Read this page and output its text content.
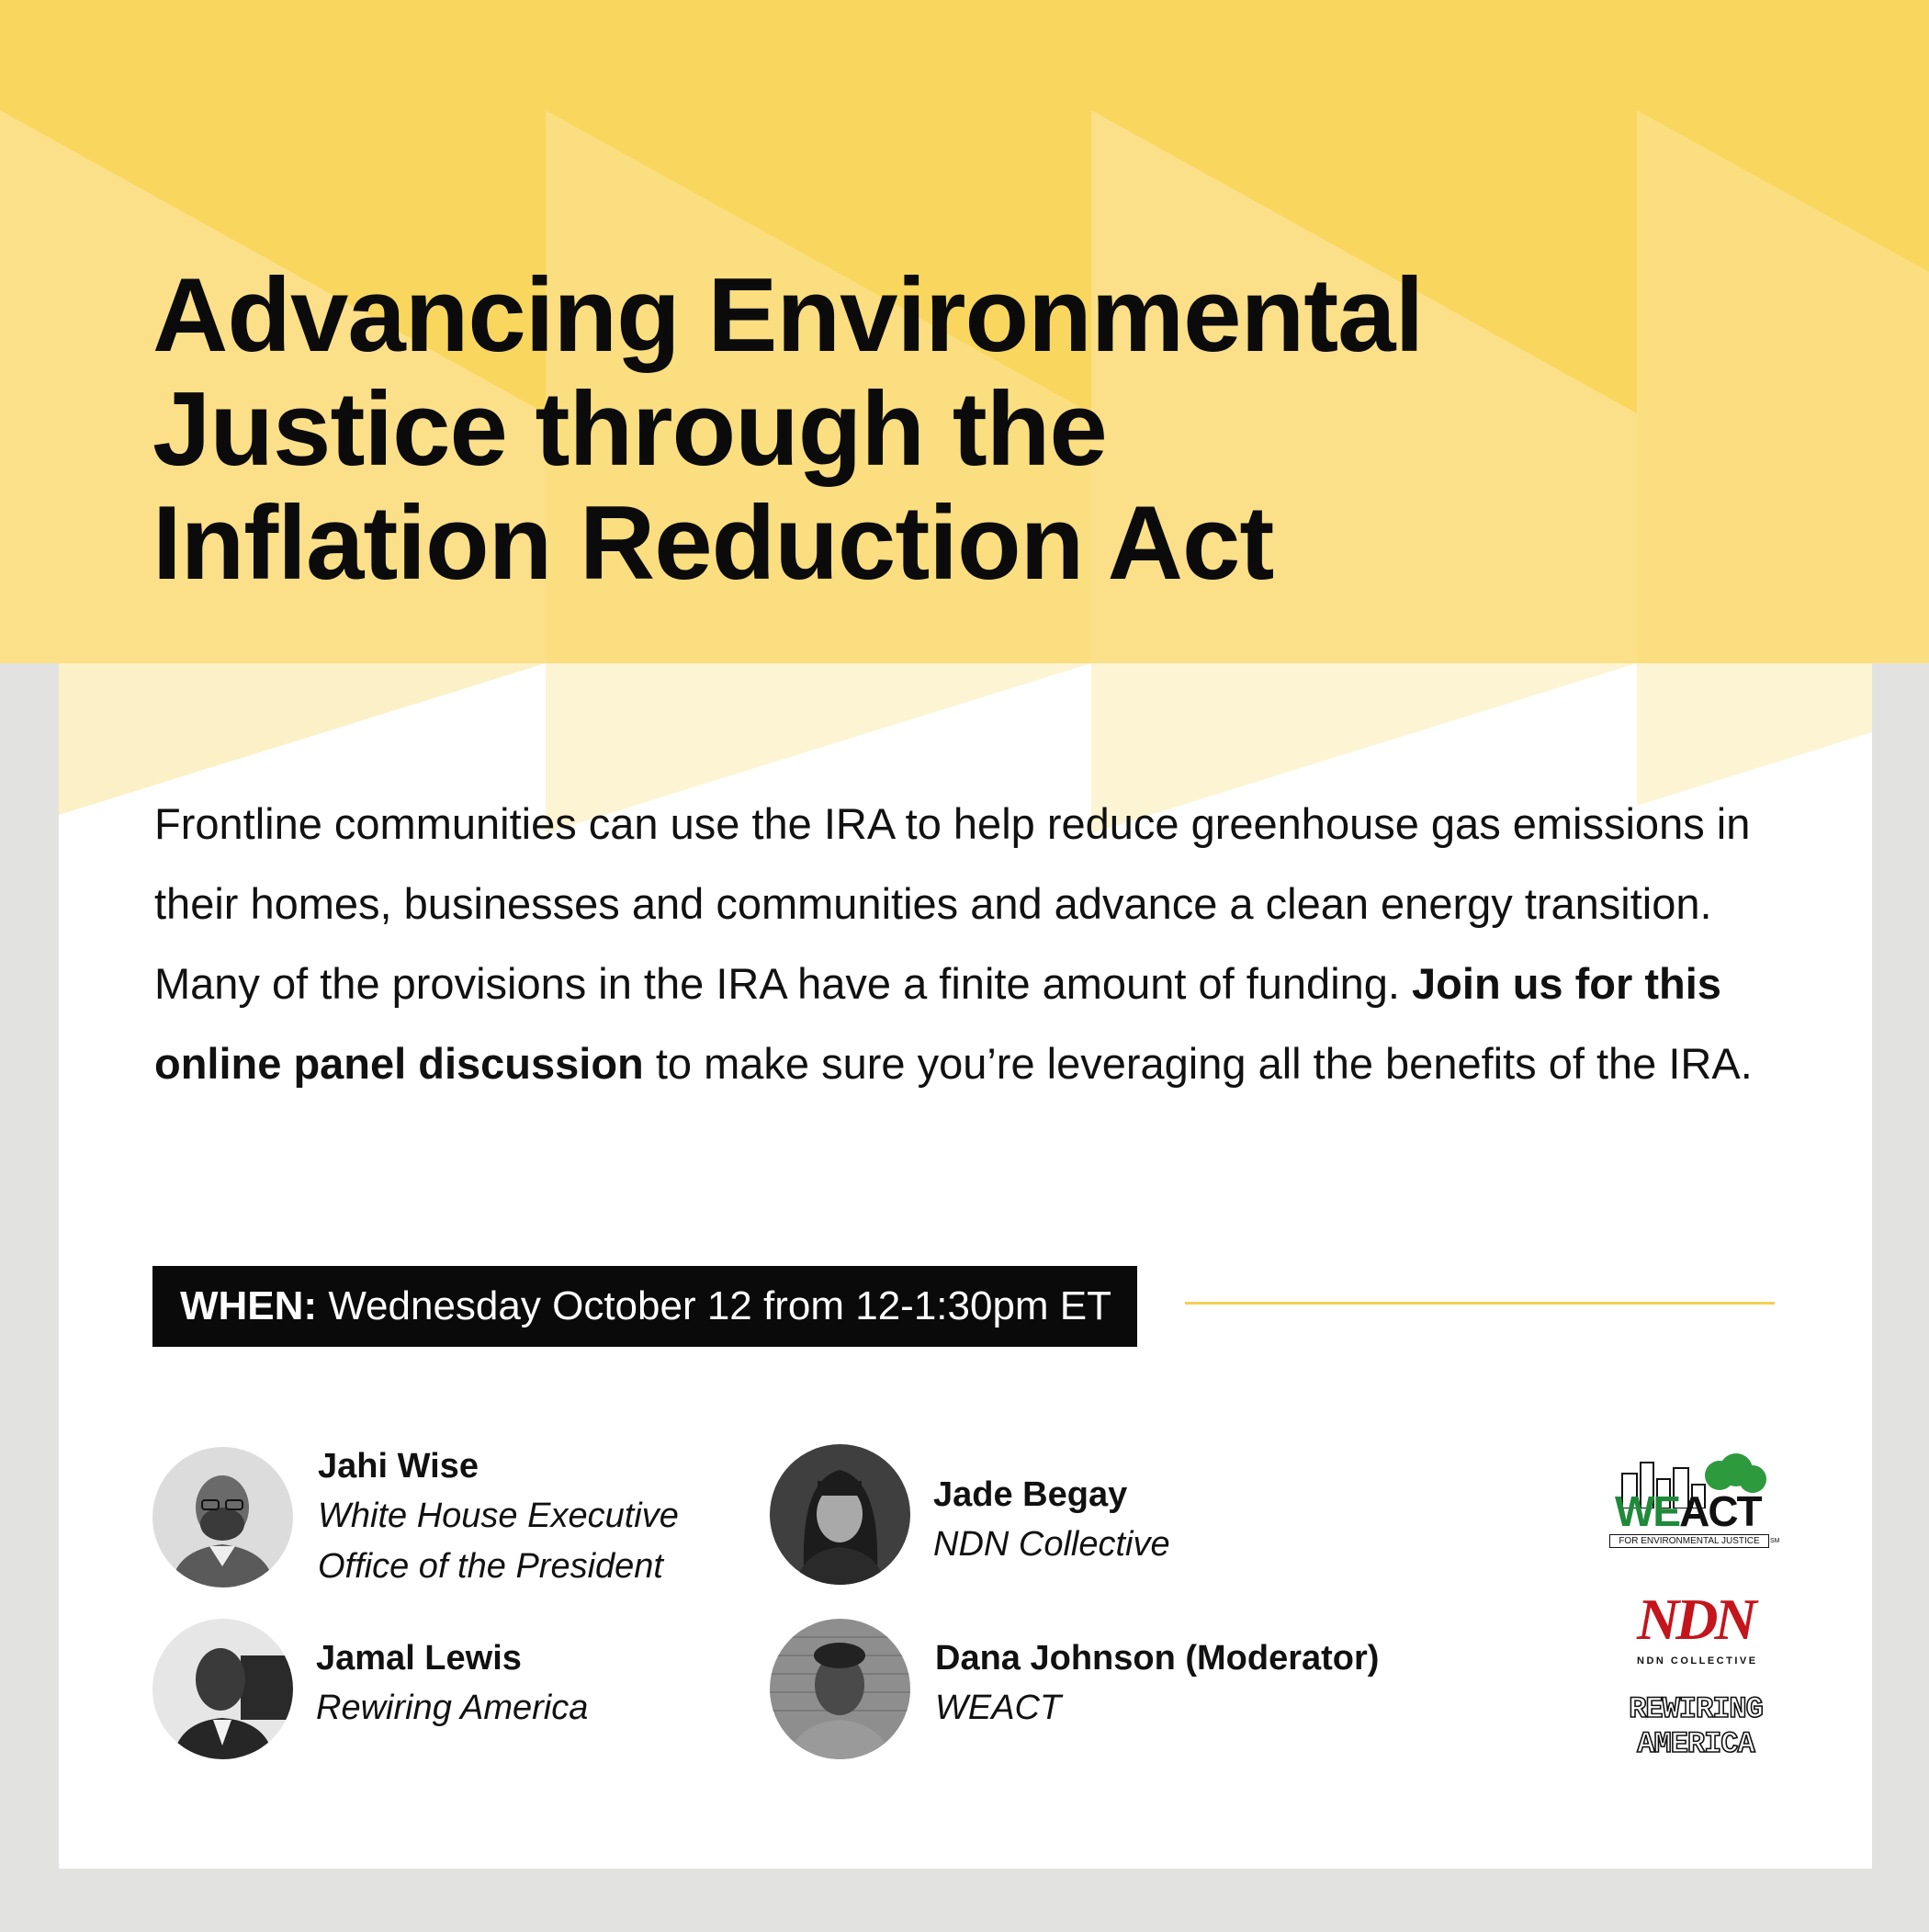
Advancing Environmental
Justice through the
Inflation Reduction Act

Frontline communities can use the IRA to help reduce greenhouse gas emissions in their homes, businesses and communities and advance a clean energy transition. Many of the provisions in the IRA have a finite amount of funding. Join us for this online panel discussion to make sure you’re leveraging all the benefits of the IRA.

WHEN: Wednesday October 12 from 12-1:30pm ET
Jahi Wise
White House Executive
Office of the President
Jade Begay
NDN Collective
Jamal Lewis
Rewiring America
Dana Johnson (Moderator)
WEACT
WEACT
FOR ENVIRONMENTAL JUSTICE	SM
NDN
NDN COLLECTIVE
REWIRING
AMERICA
